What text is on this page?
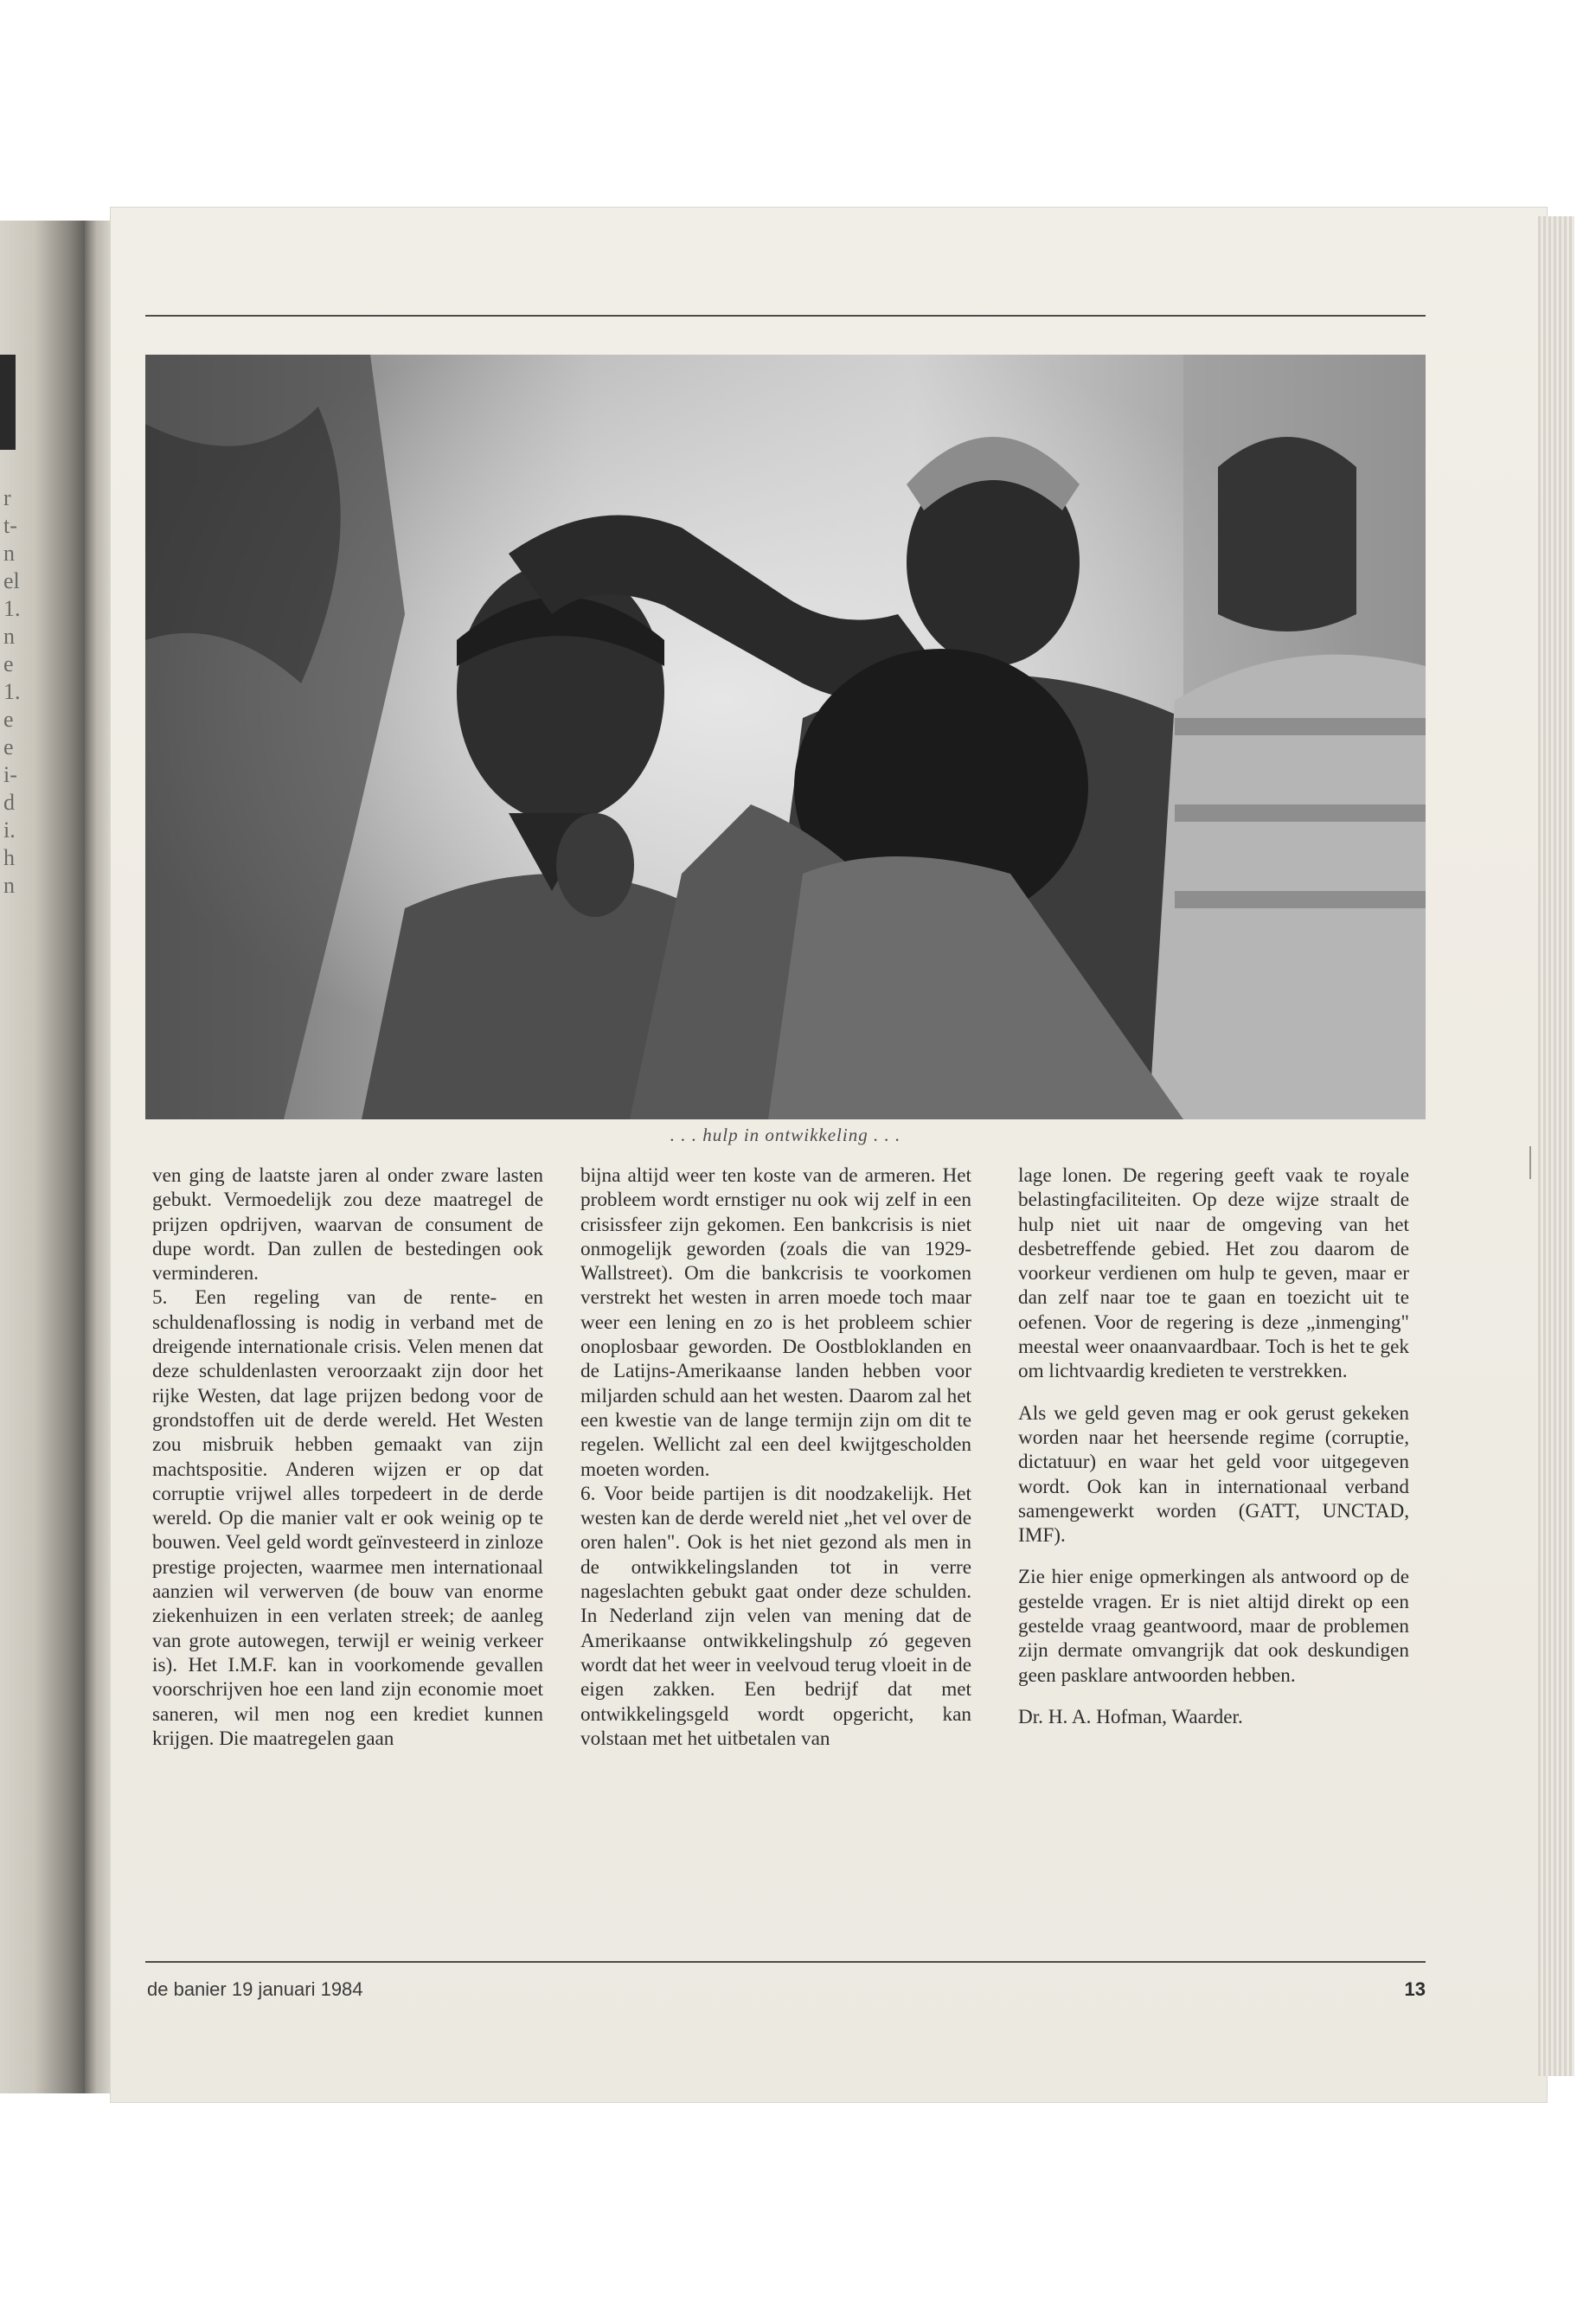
r
t-
n
el
1.
n
e
1.
e
e
i-
d
i.
h
n
. . . hulp in ontwikkeling . . .

ven ging de laatste jaren al onder zware lasten gebukt. Vermoedelijk zou deze maatregel de prijzen opdrijven, waarvan de consument de dupe wordt. Dan zullen de bestedingen ook verminderen.

5. Een regeling van de rente- en schuldenaflossing is nodig in verband met de dreigende internationale crisis. Velen menen dat deze schuldenlasten veroorzaakt zijn door het rijke Westen, dat lage prijzen bedong voor de grondstoffen uit de derde wereld. Het Westen zou misbruik hebben gemaakt van zijn machtspositie. Anderen wijzen er op dat corruptie vrijwel alles torpedeert in de derde wereld. Op die manier valt er ook weinig op te bouwen. Veel geld wordt geïnvesteerd in zinloze prestige projecten, waarmee men internationaal aanzien wil verwerven (de bouw van enorme ziekenhuizen in een verlaten streek; de aanleg van grote autowegen, terwijl er weinig verkeer is). Het I.M.F. kan in voorkomende gevallen voorschrijven hoe een land zijn economie moet saneren, wil men nog een krediet kunnen krijgen. Die maatregelen gaan

bijna altijd weer ten koste van de armeren. Het probleem wordt ernstiger nu ook wij zelf in een crisissfeer zijn gekomen. Een bankcrisis is niet onmogelijk geworden (zoals die van 1929-Wallstreet). Om die bankcrisis te voorkomen verstrekt het westen in arren moede toch maar weer een lening en zo is het probleem schier onoplosbaar geworden. De Oostbloklanden en de Latijns-Amerikaanse landen hebben voor miljarden schuld aan het westen. Daarom zal het een kwestie van de lange termijn zijn om dit te regelen. Wellicht zal een deel kwijtgescholden moeten worden.

6. Voor beide partijen is dit noodzakelijk. Het westen kan de derde wereld niet „het vel over de oren halen". Ook is het niet gezond als men in de ontwikkelingslanden tot in verre nageslachten gebukt gaat onder deze schulden. In Nederland zijn velen van mening dat de Amerikaanse ontwikkelingshulp zó gegeven wordt dat het weer in veelvoud terug vloeit in de eigen zakken. Een bedrijf dat met ontwikkelingsgeld wordt opgericht, kan volstaan met het uitbetalen van

lage lonen. De regering geeft vaak te royale belastingfaciliteiten. Op deze wijze straalt de hulp niet uit naar de omgeving van het desbetreffende gebied. Het zou daarom de voorkeur verdienen om hulp te geven, maar er dan zelf naar toe te gaan en toezicht uit te oefenen. Voor de regering is deze „inmenging" meestal weer onaanvaardbaar. Toch is het te gek om lichtvaardig kredieten te verstrekken.

Als we geld geven mag er ook gerust gekeken worden naar het heersende regime (corruptie, dictatuur) en waar het geld voor uitgegeven wordt. Ook kan in internationaal verband samengewerkt worden (GATT, UNCTAD, IMF).

Zie hier enige opmerkingen als antwoord op de gestelde vragen. Er is niet altijd direkt op een gestelde vraag geantwoord, maar de problemen zijn dermate omvangrijk dat ook deskundigen geen pasklare antwoorden hebben.

Dr. H. A. Hofman, Waarder.

de banier 19 januari 1984	13
